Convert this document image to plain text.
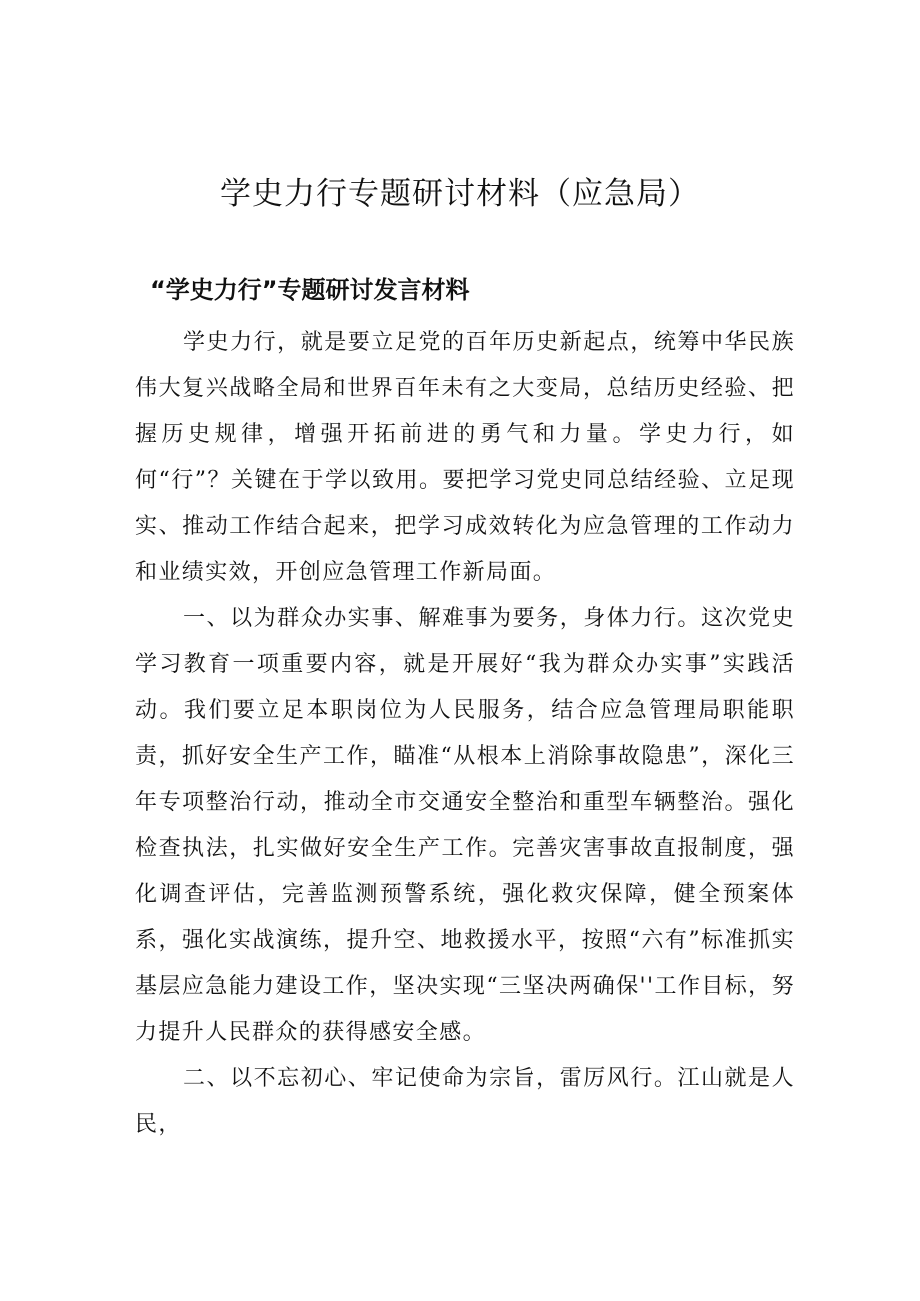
学史力行专题研讨材料（应急局）
“学史力行”专题研讨发言材料

学史力行，就是要立足党的百年历史新起点，统筹中华民族伟大复兴战略全局和世界百年未有之大变局，总结历史经验、把握历史规律，增强开拓前进的勇气和力量。学史力行，如何“行”？关键在于学以致用。要把学习党史同总结经验、立足现实、推动工作结合起来，把学习成效转化为应急管理的工作动力和业绩实效，开创应急管理工作新局面。

一、以为群众办实事、解难事为要务，身体力行。这次党史学习教育一项重要内容，就是开展好“我为群众办实事”实践活动。我们要立足本职岗位为人民服务，结合应急管理局职能职责，抓好安全生产工作，瞄准“从根本上消除事故隐患”，深化三年专项整治行动，推动全市交通安全整治和重型车辆整治。强化检查执法，扎实做好安全生产工作。完善灾害事故直报制度，强化调查评估，完善监测预警系统，强化救灾保障，健全预案体系，强化实战演练，提升空、地救援水平，按照“六有”标准抓实基层应急能力建设工作，坚决实现“三坚决两确保''工作目标，努力提升人民群众的获得感安全感。

二、以不忘初心、牢记使命为宗旨，雷厉风行。江山就是人民，
